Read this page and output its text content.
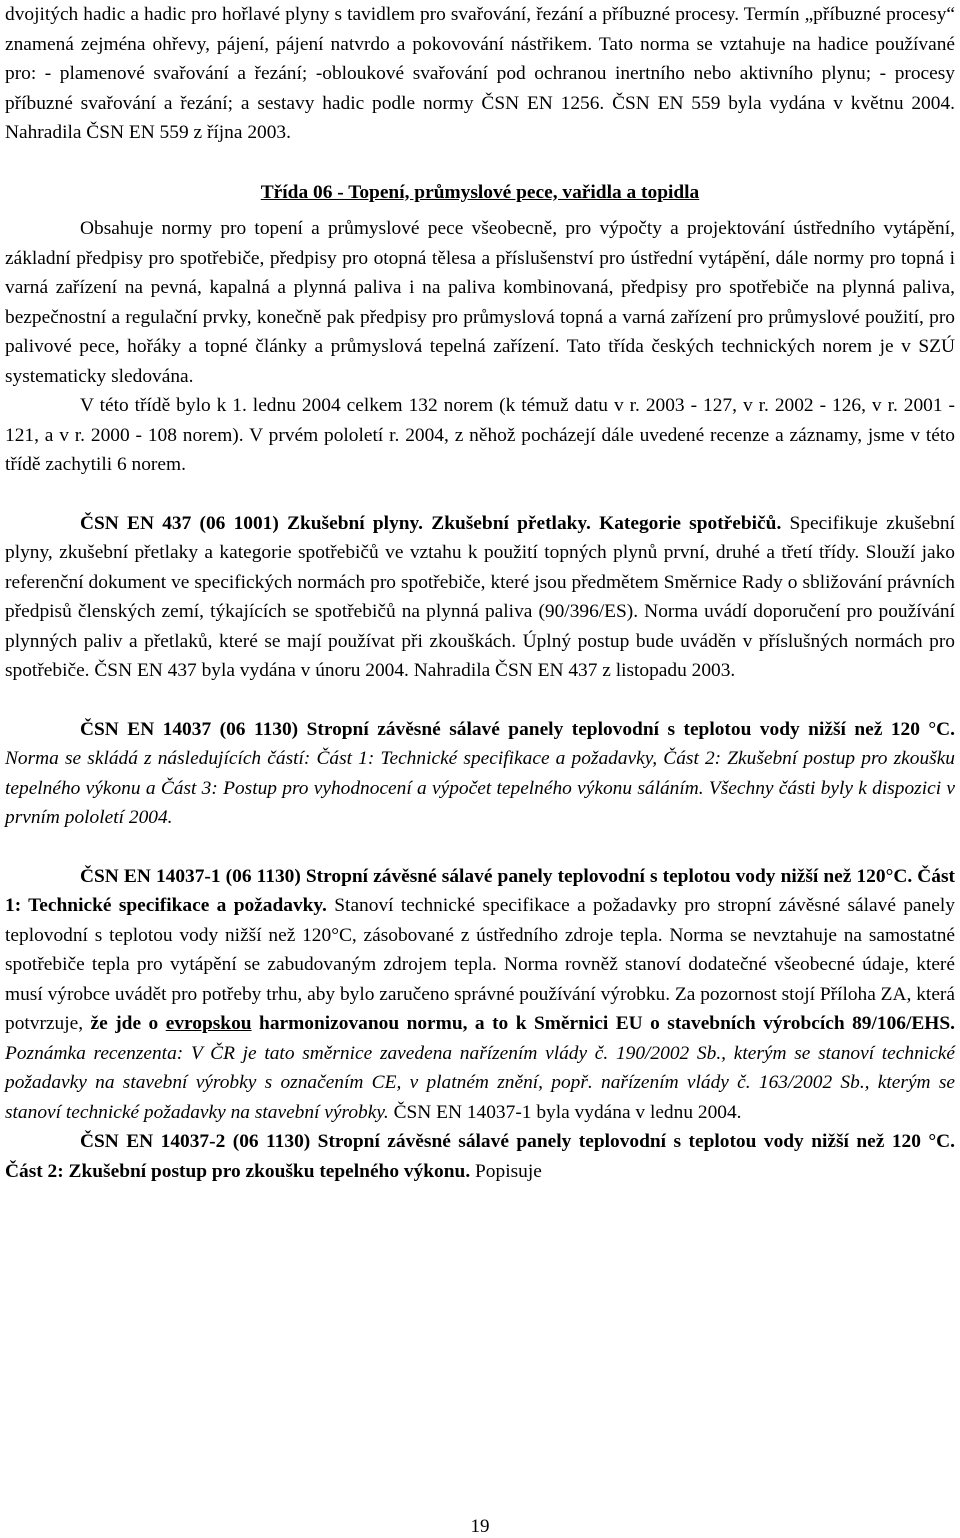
dvojitých hadic a hadic pro hořlavé plyny s tavidlem pro svařování, řezání a příbuzné procesy. Termín „příbuzné procesy“ znamená zejména ohřevy, pájení, pájení natvrdo a pokovování nástřikem. Tato norma se vztahuje na hadice používané pro: - plamenové svařování a řezání; -obloukové svařování pod ochranou inertního nebo aktivního plynu; - procesy příbuzné svařování a řezání; a sestavy hadic podle normy ČSN EN 1256. ČSN EN 559 byla vydána v květnu 2004. Nahradila ČSN EN 559 z října 2003.

Třída 06 - Topení, průmyslové pece, vařidla a topidla

Obsahuje normy pro topení a průmyslové pece všeobecně, pro výpočty a projektování ústředního vytápění, základní předpisy pro spotřebiče, předpisy pro otopná tělesa a příslušenství pro ústřední vytápění, dále normy pro topná i varná zařízení na pevná, kapalná a plynná paliva i na paliva kombinovaná, předpisy pro spotřebiče na plynná paliva, bezpečnostní a regulační prvky, konečně pak předpisy pro průmyslová topná a varná zařízení pro průmyslové použití, pro palivové pece, hořáky a topné články a průmyslová tepelná zařízení. Tato třída českých technických norem je v SZÚ systematicky sledována.

V této třídě bylo k 1. lednu 2004 celkem 132 norem (k témuž datu v r. 2003 - 127, v r. 2002 - 126, v r. 2001 - 121, a v r. 2000 - 108 norem). V prvém pololetí r. 2004, z něhož pocházejí dále uvedené recenze a záznamy, jsme v této třídě zachytili 6 norem.

ČSN EN 437 (06 1001) Zkušební plyny. Zkušební přetlaky. Kategorie spotřebičů. Specifikuje zkušební plyny, zkušební přetlaky a kategorie spotřebičů ve vztahu k použití topných plynů první, druhé a třetí třídy. Slouží jako referenční dokument ve specifických normách pro spotřebiče, které jsou předmětem Směrnice Rady o sbližování právních předpisů členských zemí, týkajících se spotřebičů na plynná paliva (90/396/ES). Norma uvádí doporučení pro používání plynných paliv a přetlaků, které se mají používat při zkouškách. Úplný postup bude uváděn v příslušných normách pro spotřebiče. ČSN EN 437 byla vydána v únoru 2004. Nahradila ČSN EN 437 z listopadu 2003.

ČSN EN 14037 (06 1130) Stropní závěsné sálavé panely teplovodní s teplotou vody nižší než 120 °C. Norma se skládá z následujících částí: Část 1: Technické specifikace a požadavky, Část 2: Zkušební postup pro zkoušku tepelného výkonu a Část 3: Postup pro vyhodnocení a výpočet tepelného výkonu sáláním. Všechny části byly k dispozici v prvním pololetí 2004.

ČSN EN 14037-1 (06 1130) Stropní závěsné sálavé panely teplovodní s teplotou vody nižší než 120°C. Část 1: Technické specifikace a požadavky. Stanoví technické specifikace a požadavky pro stropní závěsné sálavé panely teplovodní s teplotou vody nižší než 120°C, zásobované z ústředního zdroje tepla. Norma se nevztahuje na samostatné spotřebiče tepla pro vytápění se zabudovaným zdrojem tepla. Norma rovněž stanoví dodatečné všeobecné údaje, které musí výrobce uvádět pro potřeby trhu, aby bylo zaručeno správné používání výrobku. Za pozornost stojí Příloha ZA, která potvrzuje, že jde o evropskou harmonizovanou normu, a to k Směrnici EU o stavebních výrobcích 89/106/EHS. Poznámka recenzenta: V ČR je tato směrnice zavedena nařízením vlády č. 190/2002 Sb., kterým se stanoví technické požadavky na stavební výrobky s označením CE, v platném znění, popř. nařízením vlády č. 163/2002 Sb., kterým se stanoví technické požadavky na stavební výrobky. ČSN EN 14037-1 byla vydána v lednu 2004.

ČSN EN 14037-2 (06 1130) Stropní závěsné sálavé panely teplovodní s teplotou vody nižší než 120 °C. Část 2: Zkušební postup pro zkoušku tepelného výkonu. Popisuje

19
